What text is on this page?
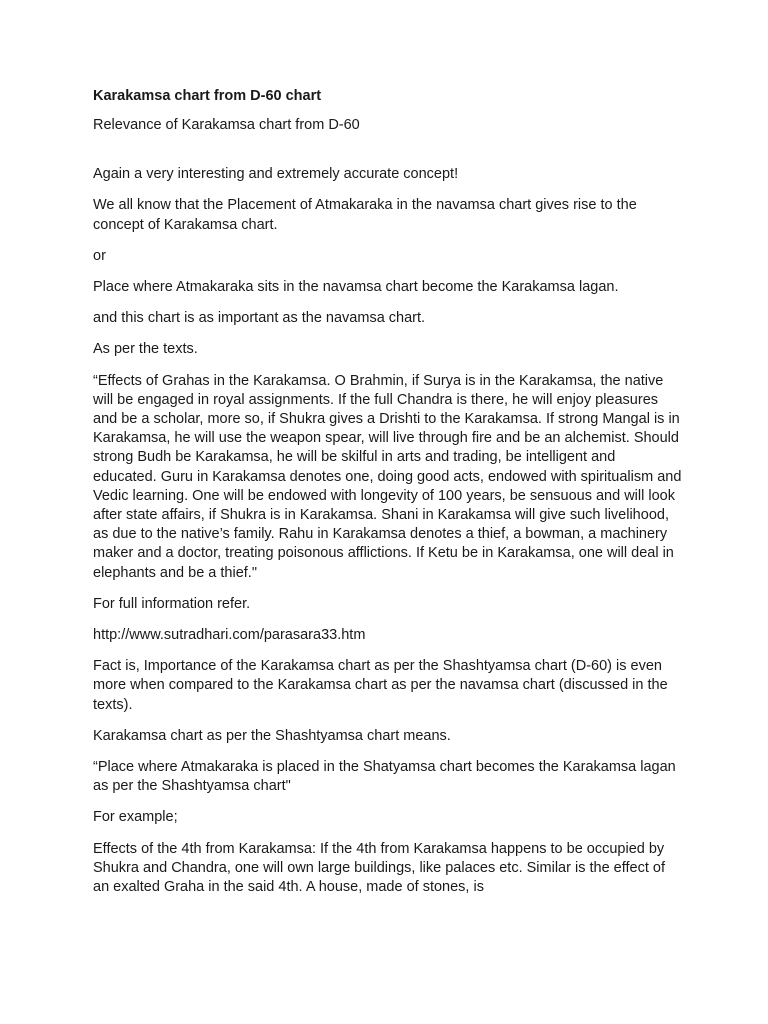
Karakamsa chart from D-60 chart

Relevance of Karakamsa chart from D-60

Again a very interesting and extremely accurate concept!

We all know that the Placement of Atmakaraka in the navamsa chart gives rise to the concept of Karakamsa chart.

or

Place where Atmakaraka sits in the navamsa chart become the Karakamsa lagan.

and this chart is as important as the navamsa chart.

As per the texts.

“Effects of Grahas in the Karakamsa. O Brahmin, if Surya is in the Karakamsa, the native will be engaged in royal assignments. If the full Chandra is there, he will enjoy pleasures and be a scholar, more so, if Shukra gives a Drishti to the Karakamsa. If strong Mangal is in Karakamsa, he will use the weapon spear, will live through fire and be an alchemist. Should strong Budh be Karakamsa, he will be skilful in arts and trading, be intelligent and educated. Guru in Karakamsa denotes one, doing good acts, endowed with spiritualism and Vedic learning. One will be endowed with longevity of 100 years, be sensuous and will look after state affairs, if Shukra is in Karakamsa. Shani in Karakamsa will give such livelihood, as due to the native’s family. Rahu in Karakamsa denotes a thief, a bowman, a machinery maker and a doctor, treating poisonous afflictions. If Ketu be in Karakamsa, one will deal in elephants and be a thief."

For full information refer.

http://www.sutradhari.com/parasara33.htm

Fact is, Importance of the Karakamsa chart as per the Shashtyamsa chart (D-60) is even more when compared to the Karakamsa chart as per the navamsa chart (discussed in the texts).

Karakamsa chart as per the Shashtyamsa chart means.

“Place where Atmakaraka is placed in the Shatyamsa chart becomes the Karakamsa lagan as per the Shashtyamsa chart"

For example;

Effects of the 4th from Karakamsa: If the 4th from Karakamsa happens to be occupied by Shukra and Chandra, one will own large buildings, like palaces etc. Similar is the effect of an exalted Graha in the said 4th. A house, made of stones, is
